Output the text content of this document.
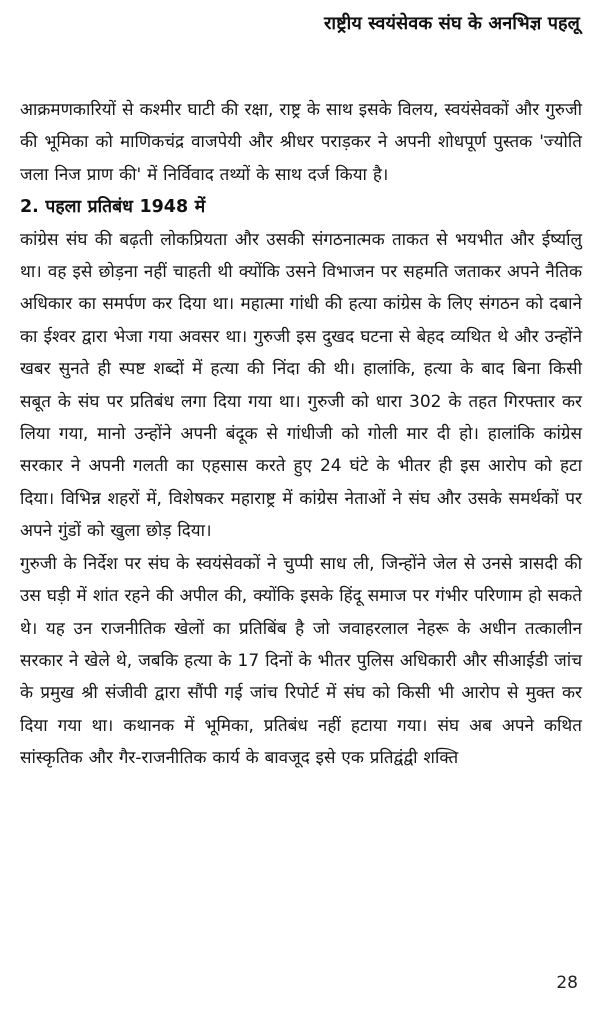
राष्ट्रीय स्वयंसेवक संघ के अनभिज्ञ पहलू

आक्रमणकारियों से कश्मीर घाटी की रक्षा, राष्ट्र के साथ इसके विलय, स्वयंसेवकों और गुरुजी की भूमिका को माणिकचंद्र वाजपेयी और श्रीधर पराड़कर ने अपनी शोधपूर्ण पुस्तक 'ज्योति जला निज प्राण की' में निर्विवाद तथ्यों के साथ दर्ज किया है।

2. पहला प्रतिबंध 1948 में

कांग्रेस संघ की बढ़ती लोकप्रियता और उसकी संगठनात्मक ताकत से भयभीत और ईर्ष्यालु था। वह इसे छोड़ना नहीं चाहती थी क्योंकि उसने विभाजन पर सहमति जताकर अपने नैतिक अधिकार का समर्पण कर दिया था। महात्मा गांधी की हत्या कांग्रेस के लिए संगठन को दबाने का ईश्वर द्वारा भेजा गया अवसर था। गुरुजी इस दुखद घटना से बेहद व्यथित थे और उन्होंने खबर सुनते ही स्पष्ट शब्दों में हत्या की निंदा की थी। हालांकि, हत्या के बाद बिना किसी सबूत के संघ पर प्रतिबंध लगा दिया गया था। गुरुजी को धारा 302 के तहत गिरफ्तार कर लिया गया, मानो उन्होंने अपनी बंदूक से गांधीजी को गोली मार दी हो। हालांकि कांग्रेस सरकार ने अपनी गलती का एहसास करते हुए 24 घंटे के भीतर ही इस आरोप को हटा दिया। विभिन्न शहरों में, विशेषकर महाराष्ट्र में कांग्रेस नेताओं ने संघ और उसके समर्थकों पर अपने गुंडों को खुला छोड़ दिया।

गुरुजी के निर्देश पर संघ के स्वयंसेवकों ने चुप्पी साध ली, जिन्होंने जेल से उनसे त्रासदी की उस घड़ी में शांत रहने की अपील की, क्योंकि इसके हिंदू समाज पर गंभीर परिणाम हो सकते थे। यह उन राजनीतिक खेलों का प्रतिबिंब है जो जवाहरलाल नेहरू के अधीन तत्कालीन सरकार ने खेले थे, जबकि हत्या के 17 दिनों के भीतर पुलिस अधिकारी और सीआईडी जांच के प्रमुख श्री संजीवी द्वारा सौंपी गई जांच रिपोर्ट में संघ को किसी भी आरोप से मुक्त कर दिया गया था। कथानक में भूमिका, प्रतिबंध नहीं हटाया गया। संघ अब अपने कथित सांस्कृतिक और गैर-राजनीतिक कार्य के बावजूद इसे एक प्रतिद्वंद्वी शक्ति

28
